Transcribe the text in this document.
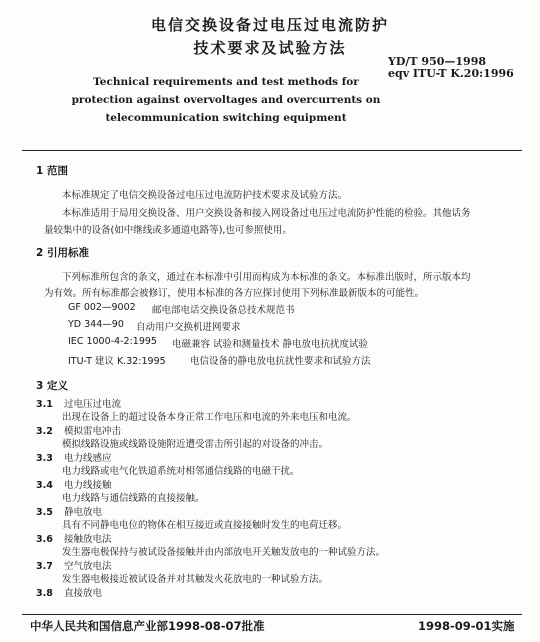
电信交换设备过电压过电流防护
技术要求及试验方法
YD/T 950—1998
eqv ITU-T K.20:1996
Technical requirements and test methods for
protection against overvoltages and overcurrents on
telecommunication switching equipment
1 范围
本标准规定了电信交换设备过电压过电流防护技术要求及试验方法。
本标准适用于局用交换设备、用户交换设备和接入网设备过电压过电流防护性能的检验。其他话务
量较集中的设备(如中继线或多通道电路等),也可参照使用。
2 引用标准
下列标准所包含的条文，通过在本标准中引用而构成为本标准的条文。本标准出版时，所示版本均
为有效。所有标准都会被修订，使用本标准的各方应探讨使用下列标准最新版本的可能性。
GF 002—9002 邮电部电话交换设备总技术规范书
YD 344—90 自动用户交换机进网要求
IEC 1000-4-2:1995 电磁兼容 试验和测量技术 静电放电抗扰度试验
ITU-T 建议 K.32:1995	电信设备的静电放电抗扰性要求和试验方法
3 定义
3.1 过电压过电流
出现在设备上的超过设备本身正常工作电压和电流的外来电压和电流。
3.2 模拟雷电冲击
模拟线路设施或线路设施附近遭受雷击所引起的对设备的冲击。
3.3 电力线感应
电力线路或电气化铁道系统对相邻通信线路的电磁干扰。
3.4 电力线接触
电力线路与通信线路的直接接触。
3.5 静电放电
具有不同静电电位的物体在相互接近或直接接触时发生的电荷迁移。
3.6 接触放电法
发生器电极保持与被试设备接触并由内部放电开关触发放电的一种试验方法。
3.7 空气放电法
发生器电极接近被试设备并对其触发火花放电的一种试验方法。
3.8 直接放电
中华人民共和国信息产业部1998-08-07批准	1998-09-01实施
